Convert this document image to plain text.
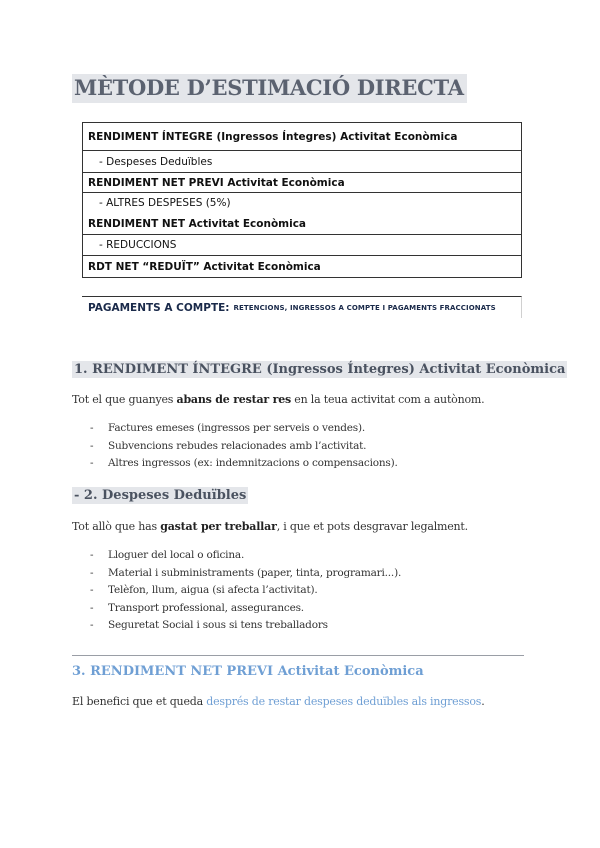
MÈTODE D’ESTIMACIÓ DIRECTA
RENDIMENT ÍNTEGRE (Ingressos Íntegres) Activitat Econòmica
- Despeses Deduïbles
RENDIMENT NET PREVI Activitat Econòmica
- ALTRES DESPESES (5%)
RENDIMENT NET Activitat Econòmica
- REDUCCIONS
RDT NET “REDUÏT” Activitat Econòmica
PAGAMENTS A COMPTE: RETENCIONS, INGRESSOS A COMPTE I PAGAMENTS FRACCIONATS
1. RENDIMENT ÍNTEGRE (Ingressos Íntegres) Activitat Econòmica
Tot el que guanyes abans de restar res en la teua activitat com a autònom.
-	Factures emeses (ingressos per serveis o vendes).
-	Subvencions rebudes relacionades amb l’activitat.
-	Altres ingressos (ex: indemnitzacions o compensacions).
- 2. Despeses Deduïbles
Tot allò que has gastat per treballar, i que et pots desgravar legalment.
-	Lloguer del local o oficina.
-	Material i subministraments (paper, tinta, programari...).
-	Telèfon, llum, aigua (si afecta l’activitat).
-	Transport professional, assegurances.
-	Seguretat Social i sous si tens treballadors
3. RENDIMENT NET PREVI Activitat Econòmica
El benefici que et queda després de restar despeses deduïbles als ingressos.
